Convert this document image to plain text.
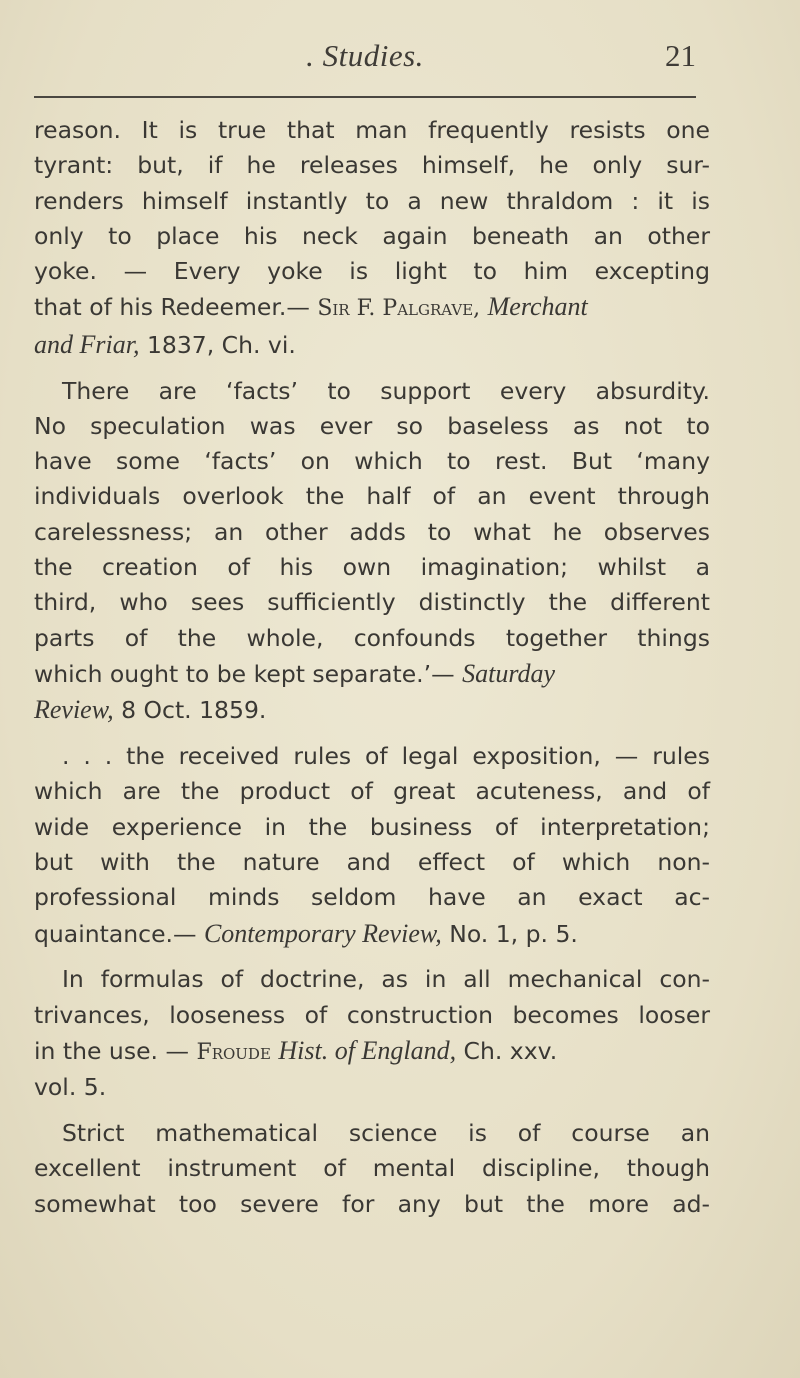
. Studies.	21
reason. It is true that man frequently resists one
tyrant: but, if he releases himself, he only sur-
renders himself instantly to a new thraldom : it is
only to place his neck again beneath an other
yoke. — Every yoke is light to him excepting
that of his Redeemer.— Sir F. Palgrave, Merchant
and Friar, 1837, Ch. vi.
There are ‘facts’ to support every absurdity.
No speculation was ever so baseless as not to
have some ‘facts’ on which to rest. But ‘many
individuals overlook the half of an event through
carelessness; an other adds to what he observes
the creation of his own imagination; whilst a
third, who sees sufficiently distinctly the different
parts of the whole, confounds together things
which ought to be kept separate.’— Saturday
Review, 8 Oct. 1859.
. . . the received rules of legal exposition, — rules
which are the product of great acuteness, and of
wide experience in the business of interpretation;
but with the nature and effect of which non-
professional minds seldom have an exact ac-
quaintance.— Contemporary Review, No. 1, p. 5.
In formulas of doctrine, as in all mechanical con-
trivances, looseness of construction becomes looser
in the use. — Froude Hist. of England, Ch. xxv.
vol. 5.
Strict mathematical science is of course an
excellent instrument of mental discipline, though
somewhat too severe for any but the more ad-
